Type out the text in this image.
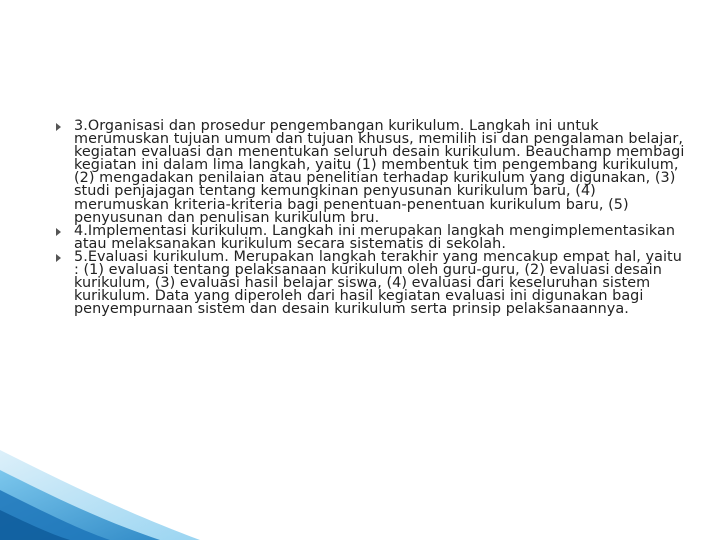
3.Organisasi dan prosedur pengembangan kurikulum. Langkah ini untuk merumuskan tujuan umum dan tujuan khusus, memilih isi dan pengalaman belajar, kegiatan evaluasi dan menentukan seluruh desain kurikulum. Beauchamp membagi kegiatan ini dalam lima langkah, yaitu (1) membentuk tim pengembang kurikulum, (2) mengadakan penilaian atau penelitian terhadap kurikulum yang digunakan, (3) studi penjajagan tentang kemungkinan penyusunan kurikulum baru, (4) merumuskan kriteria-kriteria bagi penentuan-penentuan kurikulum baru, (5) penyusunan dan penulisan kurikulum bru.
4.Implementasi kurikulum. Langkah ini merupakan langkah mengimplementasikan atau melaksanakan kurikulum secara sistematis di sekolah.
5.Evaluasi kurikulum. Merupakan langkah terakhir yang mencakup empat hal, yaitu : (1) evaluasi tentang pelaksanaan kurikulum oleh guru-guru, (2) evaluasi desain kurikulum, (3) evaluasi hasil belajar siswa, (4) evaluasi dari keseluruhan sistem kurikulum. Data yang diperoleh dari hasil kegiatan evaluasi ini digunakan bagi penyempurnaan sistem dan desain kurikulum serta prinsip pelaksanaannya.
